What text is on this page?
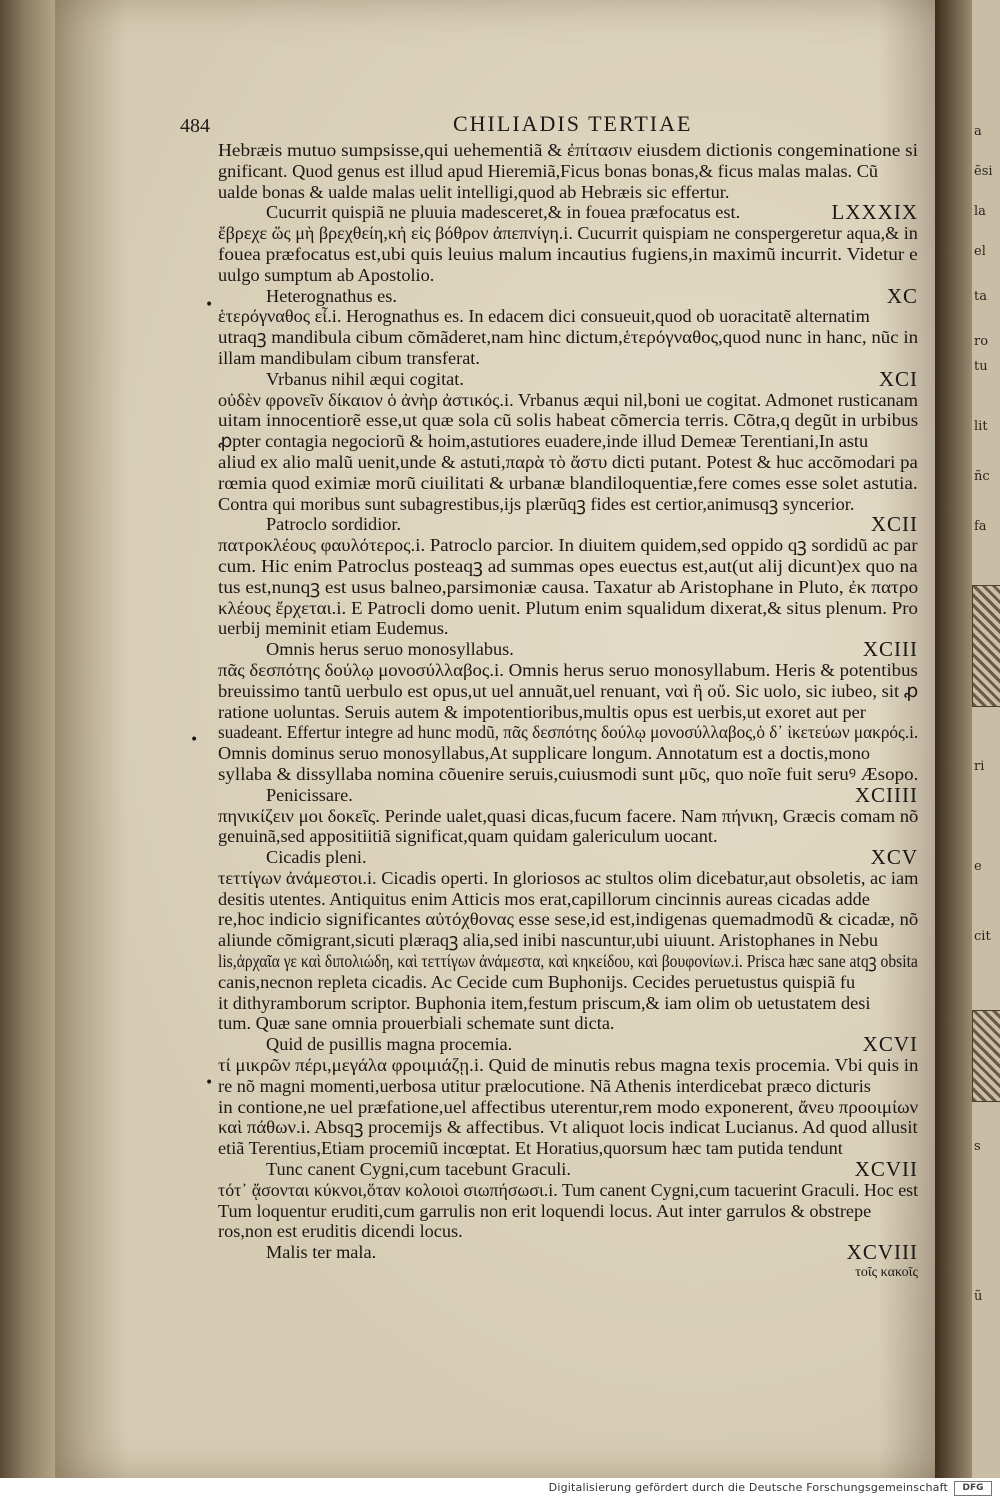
a
ẽsi
la
el
ta
ro
tu
lit
ñc
fa
ri
e
cit
s
ũ
484	CHILIADIS TERTIAE
Hebræis mutuo sumpsisse,qui uehementiã & ἐπίτασιν eiusdem dictionis congeminatione si
gnificant. Quod genus est illud apud Hieremiã,Ficus bonas bonas,& ficus malas malas. Cũ
ualde bonas & ualde malas uelit intelligi,quod ab Hebræis sic effertur.
Cucurrit quispiã ne pluuia madesceret,& in fouea præfocatus est.	LXXXIX
ἔβρεχε ὥς μὴ βρεχθείη,κἠ εἰς βόθρον ἀπεπνίγη.i. Cucurrit quispiam ne conspergeretur aqua,& in
fouea præfocatus est,ubi quis leuius malum incautius fugiens,in maximũ incurrit. Videtur e
uulgo sumptum ab Apostolio.
Heterognathus es.	XC
ἑτερόγναθος εἶ.i. Herognathus es. In edacem dici consueuit,quod ob uoracitatẽ alternatim
utraqꝫ mandibula cibum cõmãderet,nam hinc dictum,ἑτερόγναθος,quod nunc in hanc, nũc in
illam mandibulam cibum transferat.
Vrbanus nihil æqui cogitat.	XCI
οὐδὲν φρονεῖν δίκαιον ὁ ἀνὴρ ἀστικός.i. Vrbanus æqui nil,boni ue cogitat. Admonet rusticanam
uitam innocentiorẽ esse,ut quæ sola cũ solis habeat cõmercia terris. Cõtra,q degũt in urbibus
ꝓpter contagia negociorũ & hoim,astutiores euadere,inde illud Demeæ Terentiani,In astu
aliud ex alio malũ uenit,unde & astuti,παρὰ τὸ ἄστυ dicti putant. Potest & huc accõmodari pa
rœmia quod eximiæ morũ ciuilitati & urbanæ blandiloquentiæ,fere comes esse solet astutia.
Contra qui moribus sunt subagrestibus,ijs plærũqꝫ fides est certior,animusqꝫ syncerior.
Patroclo sordidior.	XCII
πατροκλέους φαυλότερος.i. Patroclo parcior. In diuitem quidem,sed oppido qꝫ sordidũ ac par
cum. Hic enim Patroclus posteaqꝫ ad summas opes euectus est,aut(ut alij dicunt)ex quo na
tus est,nunqꝫ est usus balneo,parsimoniæ causa. Taxatur ab Aristophane in Pluto, ἐκ πατρο
κλέους ἔρχεται.i. E Patrocli domo uenit. Plutum enim squalidum dixerat,& situs plenum. Pro
uerbij meminit etiam Eudemus.
Omnis herus seruo monosyllabus.	XCIII
πᾶς δεσπότης δούλῳ μονοσύλλαβος.i. Omnis herus seruo monosyllabum. Heris & potentibus
breuissimo tantũ uerbulo est opus,ut uel annuãt,uel renuant, ναὶ ἢ οὔ. Sic uolo, sic iubeo, sit ꝓ
ratione uoluntas. Seruis autem & impotentioribus,multis opus est uerbis,ut exoret aut per
suadeant. Effertur integre ad hunc modũ, πᾶς δεσπότης δούλῳ μονοσύλλαβος,ὁ δ᾽ ἱκετεύων μακρός.i.
Omnis dominus seruo monosyllabus,At supplicare longum. Annotatum est a doctis,mono
syllaba & dissyllaba nomina cõuenire seruis,cuiusmodi sunt μῦς, quo noĩe fuit seruꝰ Æsopo.
Penicissare.	XCIIII
πηνικίζειν μοι δοκεῖς. Perinde ualet,quasi dicas,fucum facere. Nam πήνικη, Græcis comam nõ
genuinã,sed appositiitiã significat,quam quidam galericulum uocant.
Cicadis pleni.	XCV
τεττίγων ἀνάμεστοι.i. Cicadis operti. In gloriosos ac stultos olim dicebatur,aut obsoletis, ac iam
desitis utentes. Antiquitus enim Atticis mos erat,capillorum cincinnis aureas cicadas adde
re,hoc indicio significantes αὐτόχθονας esse sese,id est,indigenas quemadmodũ & cicadæ, nõ
aliunde cõmigrant,sicuti plæraqꝫ alia,sed inibi nascuntur,ubi uiuunt. Aristophanes in Nebu
lis,ἀρχαῖα γε καὶ διπολιώδη, καὶ τεττίγων ἀνάμεστα, καὶ κηκείδου, καὶ βουφονίων.i. Prisca hæc sane atqꝫ obsita
canis,necnon repleta cicadis. Ac Cecide cum Buphonijs. Cecides peruetustus quispiã fu
it dithyramborum scriptor. Buphonia item,festum priscum,& iam olim ob uetustatem desi
tum. Quæ sane omnia prouerbiali schemate sunt dicta.
Quid de pusillis magna procemia.	XCVI
τί μικρῶν πέρι,μεγάλα φροιμιάζῃ.i. Quid de minutis rebus magna texis procemia. Vbi quis in
re nõ magni momenti,uerbosa utitur prælocutione. Nã Athenis interdicebat præco dicturis
in contione,ne uel præfatione,uel affectibus uterentur,rem modo exponerent, ἄνευ προοιμίων
καὶ πάθων.i. Absqꝫ procemijs & affectibus. Vt aliquot locis indicat Lucianus. Ad quod allusit
etiã Terentius,Etiam procemiũ incœptat. Et Horatius,quorsum hæc tam putida tendunt
Tunc canent Cygni,cum tacebunt Graculi.	XCVII
τότ᾽ ᾄσονται κύκνοι,ὅταν κολοιοὶ σιωπήσωσι.i. Tum canent Cygni,cum tacuerint Graculi. Hoc est
Tum loquentur eruditi,cum garrulis non erit loquendi locus. Aut inter garrulos & obstrepe
ros,non est eruditis dicendi locus.
Malis ter mala.	XCVIII
τοῖς κακοῖς
•
•
•
Digitalisierung gefördert durch die Deutsche Forschungsgemeinschaft	DFG
